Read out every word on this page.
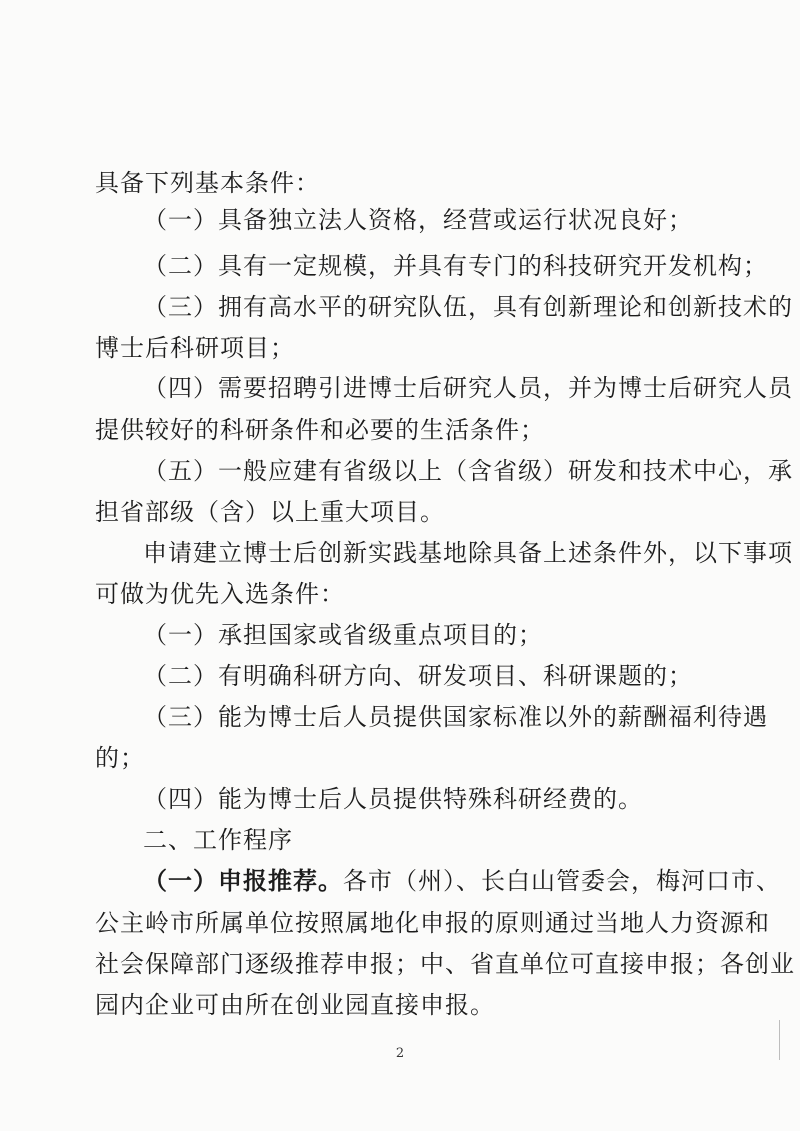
具备下列基本条件：
（一）具备独立法人资格，经营或运行状况良好；
（二）具有一定规模，并具有专门的科技研究开发机构；
（三）拥有高水平的研究队伍，具有创新理论和创新技术的
博士后科研项目；
（四）需要招聘引进博士后研究人员，并为博士后研究人员
提供较好的科研条件和必要的生活条件；
（五）一般应建有省级以上（含省级）研发和技术中心，承
担省部级（含）以上重大项目。
申请建立博士后创新实践基地除具备上述条件外，以下事项
可做为优先入选条件：
（一）承担国家或省级重点项目的；
（二）有明确科研方向、研发项目、科研课题的；
（三）能为博士后人员提供国家标准以外的薪酬福利待遇
的；
（四）能为博士后人员提供特殊科研经费的。
二、工作程序
（一）申报推荐。各市（州）、长白山管委会，梅河口市、
公主岭市所属单位按照属地化申报的原则通过当地人力资源和
社会保障部门逐级推荐申报；中、省直单位可直接申报；各创业
园内企业可由所在创业园直接申报。
2
